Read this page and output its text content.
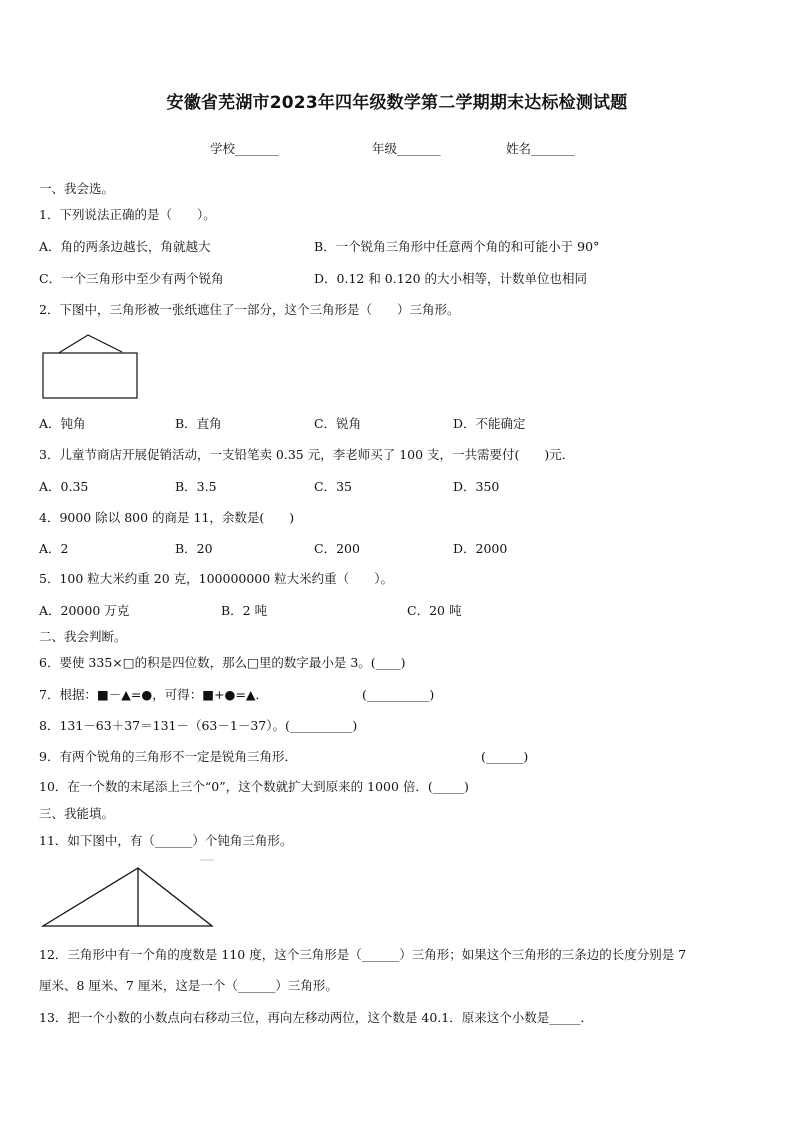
安徽省芜湖市2023年四年级数学第二学期期末达标检测试题
学校_______	年级_______	姓名_______
一、我会选。
1．下列说法正确的是（　　）。
A．角的两条边越长，角就越大	B．一个锐角三角形中任意两个角的和可能小于 90°
C．一个三角形中至少有两个锐角	D．0.12 和 0.120 的大小相等，计数单位也相同
2．下图中，三角形被一张纸遮住了一部分，这个三角形是（　　）三角形。
A．钝角	B．直角	C．锐角	D．不能确定
3．儿童节商店开展促销活动，一支铅笔卖 0.35 元，李老师买了 100 支，一共需要付(　　)元．
A．0.35	B．3.5	C．35	D．350
4．9000 除以 800 的商是 11，余数是(　　)
A．2	B．20	C．200	D．2000
5．100 粒大米约重 20 克，100000000 粒大米约重（　　）。
A．20000 万克	B．2 吨	C．20 吨
二、我会判断。
6．要使 335×□的积是四位数，那么□里的数字最小是 3。(____)
7．根据：■－▲=●，可得：■+●=▲．	(__________)
8．131－63＋37＝131－（63－1－37）。(__________)
9．有两个锐角的三角形不一定是锐角三角形．	(______)
10．在一个数的末尾添上三个“0”，这个数就扩大到原来的 1000 倍．(_____)
三、我能填。
11．如下图中，有（______）个钝角三角形。
12．三角形中有一个角的度数是 110 度，这个三角形是（______）三角形；如果这个三角形的三条边的长度分别是 7
厘米、8 厘米、7 厘米，这是一个（______）三角形。
13．把一个小数的小数点向右移动三位，再向左移动两位，这个数是 40.1．原来这个小数是_____．
